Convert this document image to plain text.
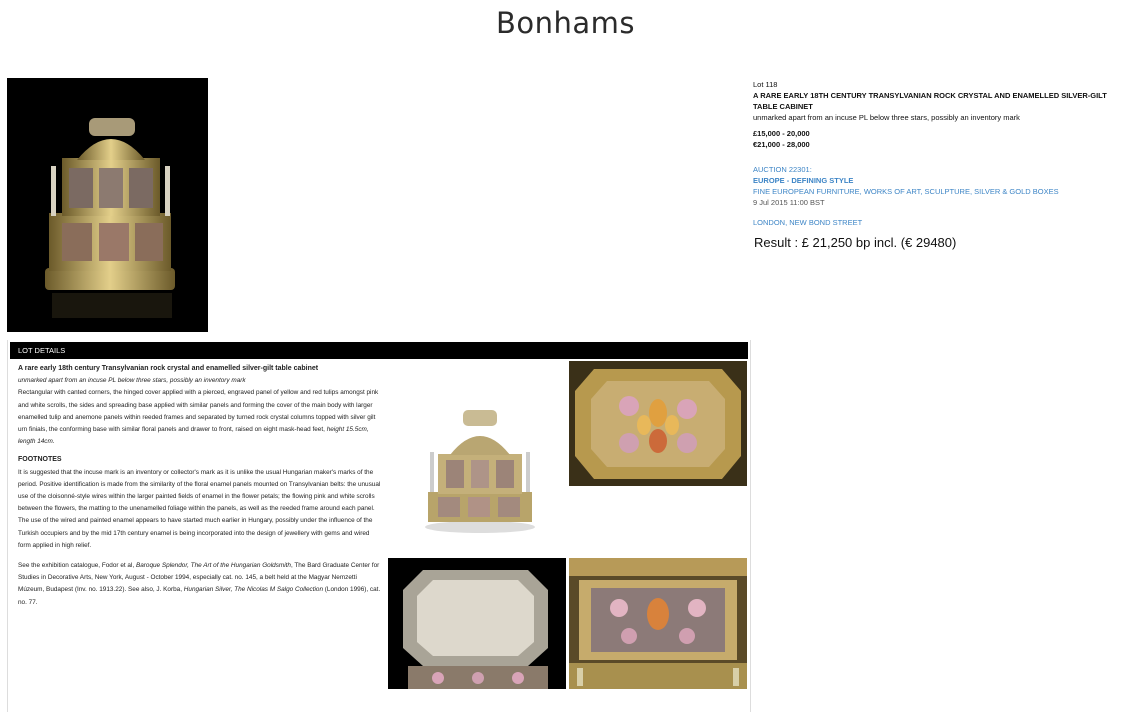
Bonhams

Lot 118

A RARE EARLY 18TH CENTURY TRANSYLVANIAN ROCK CRYSTAL AND ENAMELLED SILVER-GILT TABLE CABINET

unmarked apart from an incuse PL below three stars, possibly an inventory mark

£15,000 - 20,000

€21,000 - 28,000

AUCTION 22301:

EUROPE - DEFINING STYLE

FINE EUROPEAN FURNITURE, WORKS OF ART, SCULPTURE, SILVER & GOLD BOXES

9 Jul 2015 11:00 BST

LONDON, NEW BOND STREET

Result : £ 21,250 bp incl. (€ 29480)
LOT DETAILS

A rare early 18th century Transylvanian rock crystal and enamelled silver-gilt table cabinet

unmarked apart from an incuse PL below three stars, possibly an inventory mark

Rectangular with canted corners, the hinged cover applied with a pierced, engraved panel of yellow and red tulips amongst pink and white scrolls, the sides and spreading base applied with similar panels and forming the cover of the main body with larger enamelled tulip and anemone panels within reeded frames and separated by turned rock crystal columns topped with silver gilt urn finials, the conforming base with similar floral panels and drawer to front, raised on eight mask-head feet, height 15.5cm, length 14cm.

FOOTNOTES

It is suggested that the incuse mark is an inventory or collector's mark as it is unlike the usual Hungarian maker's marks of the period. Positive identification is made from the similarity of the floral enamel panels mounted on Transylvanian belts: the unusual use of the cloisonné-style wires within the larger painted fields of enamel in the flower petals; the flowing pink and white scrolls between the flowers, the matting to the unenamelled foliage within the panels, as well as the reeded frame around each panel. The use of the wired and painted enamel appears to have started much earlier in Hungary, possibly under the influence of the Turkish occupiers and by the mid 17th century enamel is being incorporated into the design of jewellery with gems and wired form applied in high relief.

See the exhibition catalogue, Fodor et al, Baroque Splendor, The Art of the Hungarian Goldsmith, The Bard Graduate Center for Studies in Decorative Arts, New York, August - October 1994, especially cat. no. 145, a belt held at the Magyar Nemzetti Múzeum, Budapest (Inv. no. 1913.22). See also, J. Korba, Hungarian Silver, The Nicolas M Salgo Collection (London 1996), cat. no. 77.
